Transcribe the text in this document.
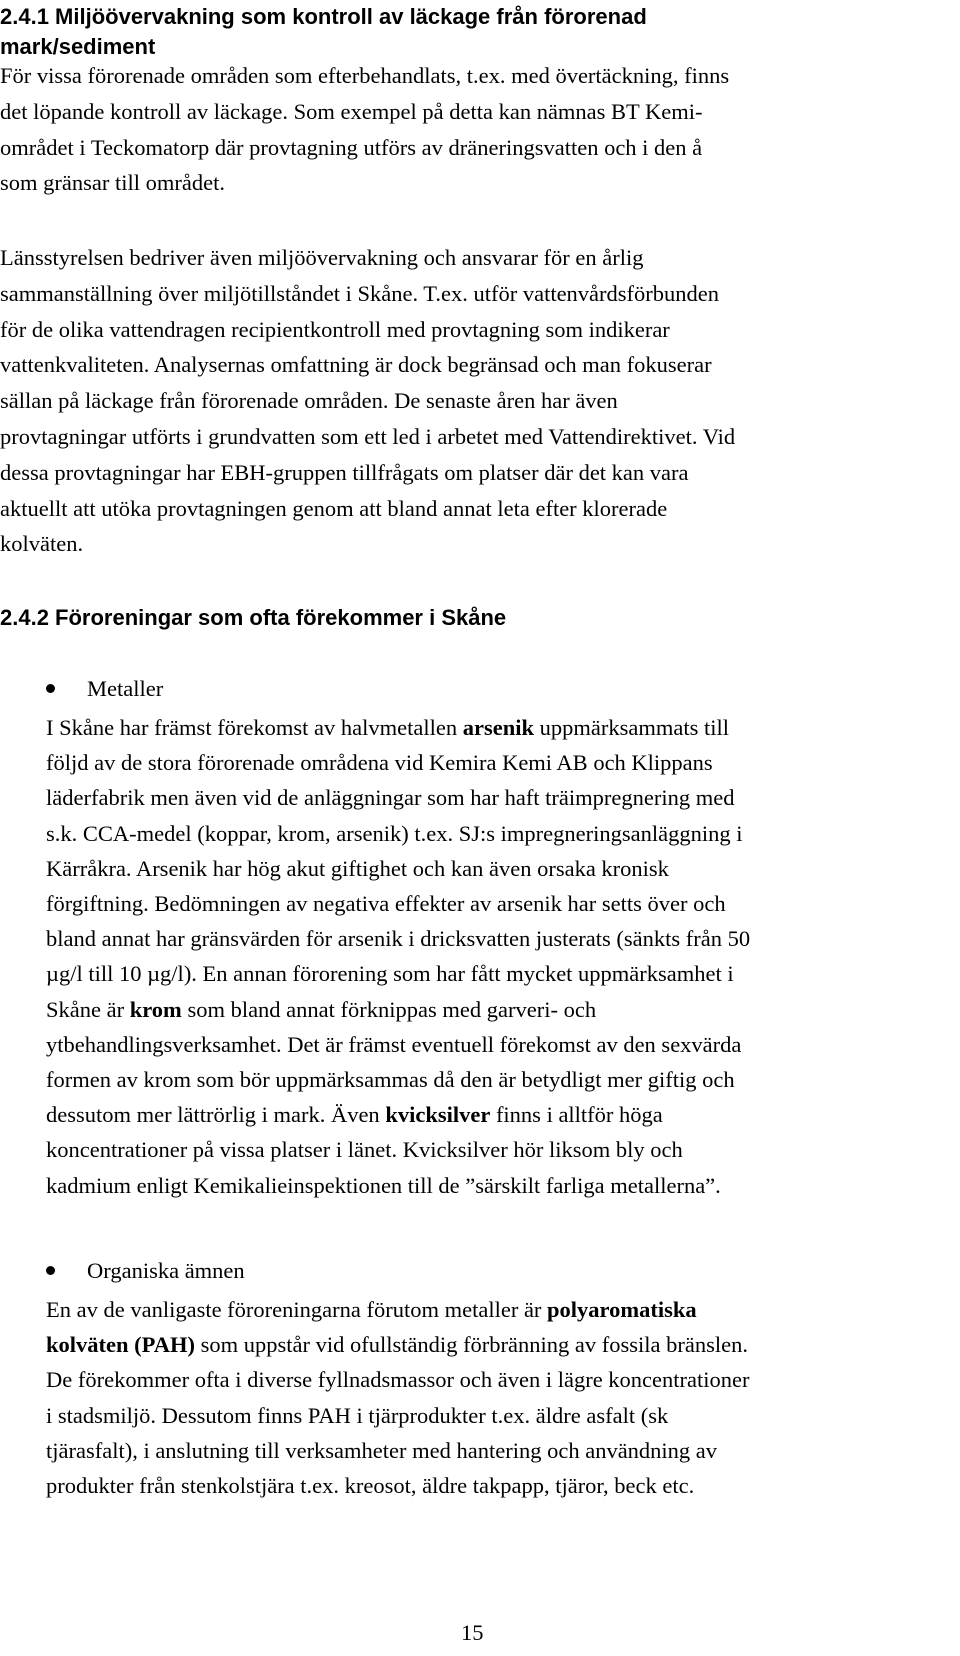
2.4.1 Miljöövervakning som kontroll av läckage från förorenad
mark/sediment

För vissa förorenade områden som efterbehandlats, t.ex. med övertäckning, finns
det löpande kontroll av läckage. Som exempel på detta kan nämnas BT Kemi-
området i Teckomatorp där provtagning utförs av dräneringsvatten och i den å
som gränsar till området.

Länsstyrelsen bedriver även miljöövervakning och ansvarar för en årlig
sammanställning över miljötillståndet i Skåne. T.ex. utför vattenvårdsförbunden
för de olika vattendragen recipientkontroll med provtagning som indikerar
vattenkvaliteten. Analysernas omfattning är dock begränsad och man fokuserar
sällan på läckage från förorenade områden. De senaste åren har även
provtagningar utförts i grundvatten som ett led i arbetet med Vattendirektivet. Vid
dessa provtagningar har EBH-gruppen tillfrågats om platser där det kan vara
aktuellt att utöka provtagningen genom att bland annat leta efter klorerade
kolväten.

2.4.2 Föroreningar som ofta förekommer i Skåne
Metaller

I Skåne har främst förekomst av halvmetallen arsenik uppmärksammats till
följd av de stora förorenade områdena vid Kemira Kemi AB och Klippans
läderfabrik men även vid de anläggningar som har haft träimpregnering med
s.k. CCA-medel (koppar, krom, arsenik) t.ex. SJ:s impregneringsanläggning i
Kärråkra. Arsenik har hög akut giftighet och kan även orsaka kronisk
förgiftning. Bedömningen av negativa effekter av arsenik har setts över och
bland annat har gränsvärden för arsenik i dricksvatten justerats (sänkts från 50
µg/l till 10 µg/l). En annan förorening som har fått mycket uppmärksamhet i
Skåne är krom som bland annat förknippas med garveri- och
ytbehandlingsverksamhet. Det är främst eventuell förekomst av den sexvärda
formen av krom som bör uppmärksammas då den är betydligt mer giftig och
dessutom mer lättrörlig i mark. Även kvicksilver finns i alltför höga
koncentrationer på vissa platser i länet. Kvicksilver hör liksom bly och
kadmium enligt Kemikalieinspektionen till de ”särskilt farliga metallerna”.

Organiska ämnen

En av de vanligaste föroreningarna förutom metaller är polyaromatiska
kolväten (PAH) som uppstår vid ofullständig förbränning av fossila bränslen.
De förekommer ofta i diverse fyllnadsmassor och även i lägre koncentrationer
i stadsmiljö. Dessutom finns PAH i tjärprodukter t.ex. äldre asfalt (sk
tjärasfalt), i anslutning till verksamheter med hantering och användning av
produkter från stenkolstjära t.ex. kreosot, äldre takpapp, tjäror, beck etc.

15
